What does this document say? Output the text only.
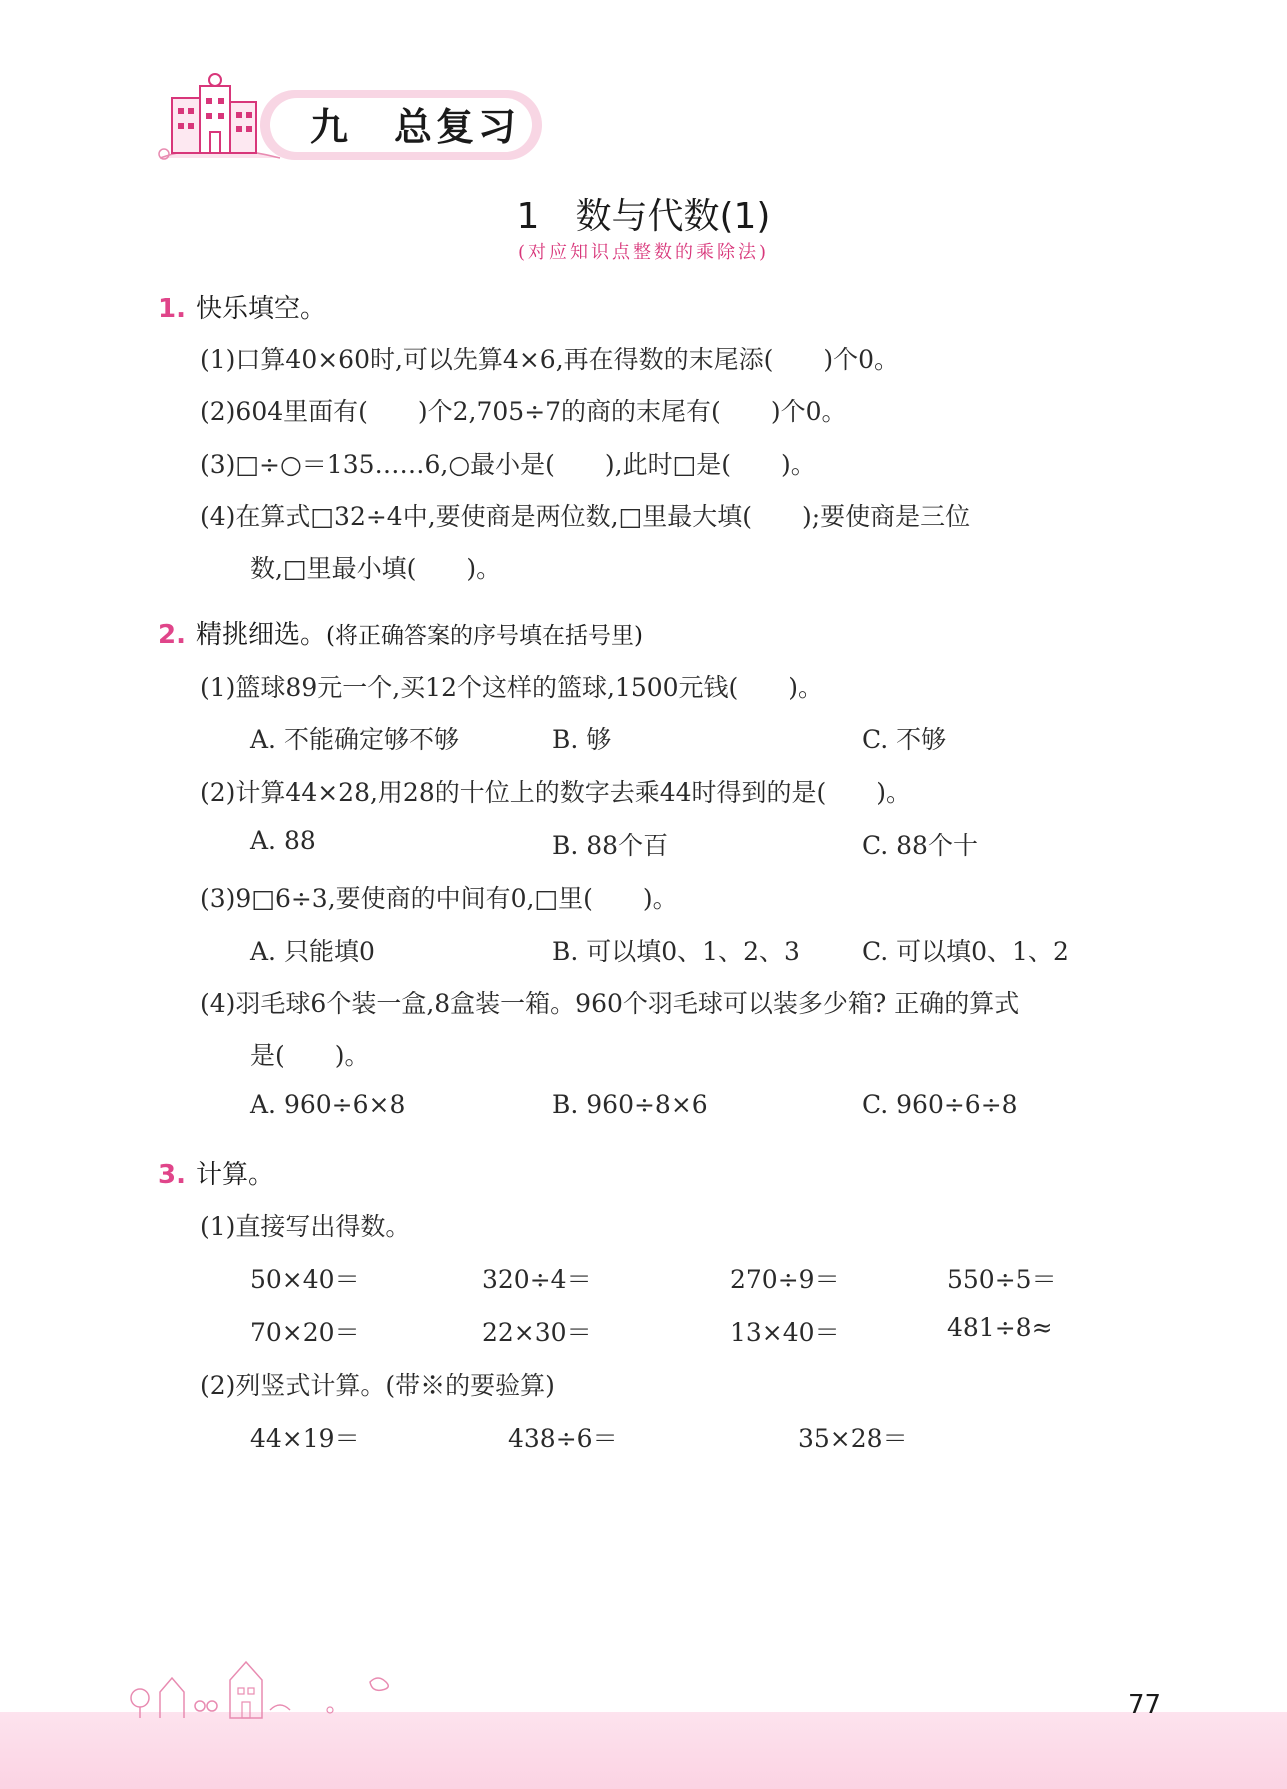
九　总复习
1　数与代数(1)
(对应知识点整数的乘除法)
1. 快乐填空。
(1)口算40×60时,可以先算4×6,再在得数的末尾添(　　)个0。
(2)604里面有(　　)个2,705÷7的商的末尾有(　　)个0。
(3)□÷○＝135……6,○最小是(　　),此时□是(　　)。
(4)在算式□32÷4中,要使商是两位数,□里最大填(　　);要使商是三位
数,□里最小填(　　)。
2. 精挑细选。(将正确答案的序号填在括号里)
(1)篮球89元一个,买12个这样的篮球,1500元钱(　　)。
A. 不能确定够不够	B. 够	C. 不够
(2)计算44×28,用28的十位上的数字去乘44时得到的是(　　)。
A. 88	B. 88个百	C. 88个十
(3)9□6÷3,要使商的中间有0,□里(　　)。
A. 只能填0	B. 可以填0、1、2、3 C. 可以填0、1、2
(4)羽毛球6个装一盒,8盒装一箱。960个羽毛球可以装多少箱? 正确的算式
是(　　)。
A. 960÷6×8	B. 960÷8×6	C. 960÷6÷8
3. 计算。
(1)直接写出得数。
50×40＝	320÷4＝	270÷9＝	550÷5＝
70×20＝	22×30＝	13×40＝	481÷8≈
(2)列竖式计算。(带※的要验算)
44×19＝	438÷6＝	35×28＝
77
